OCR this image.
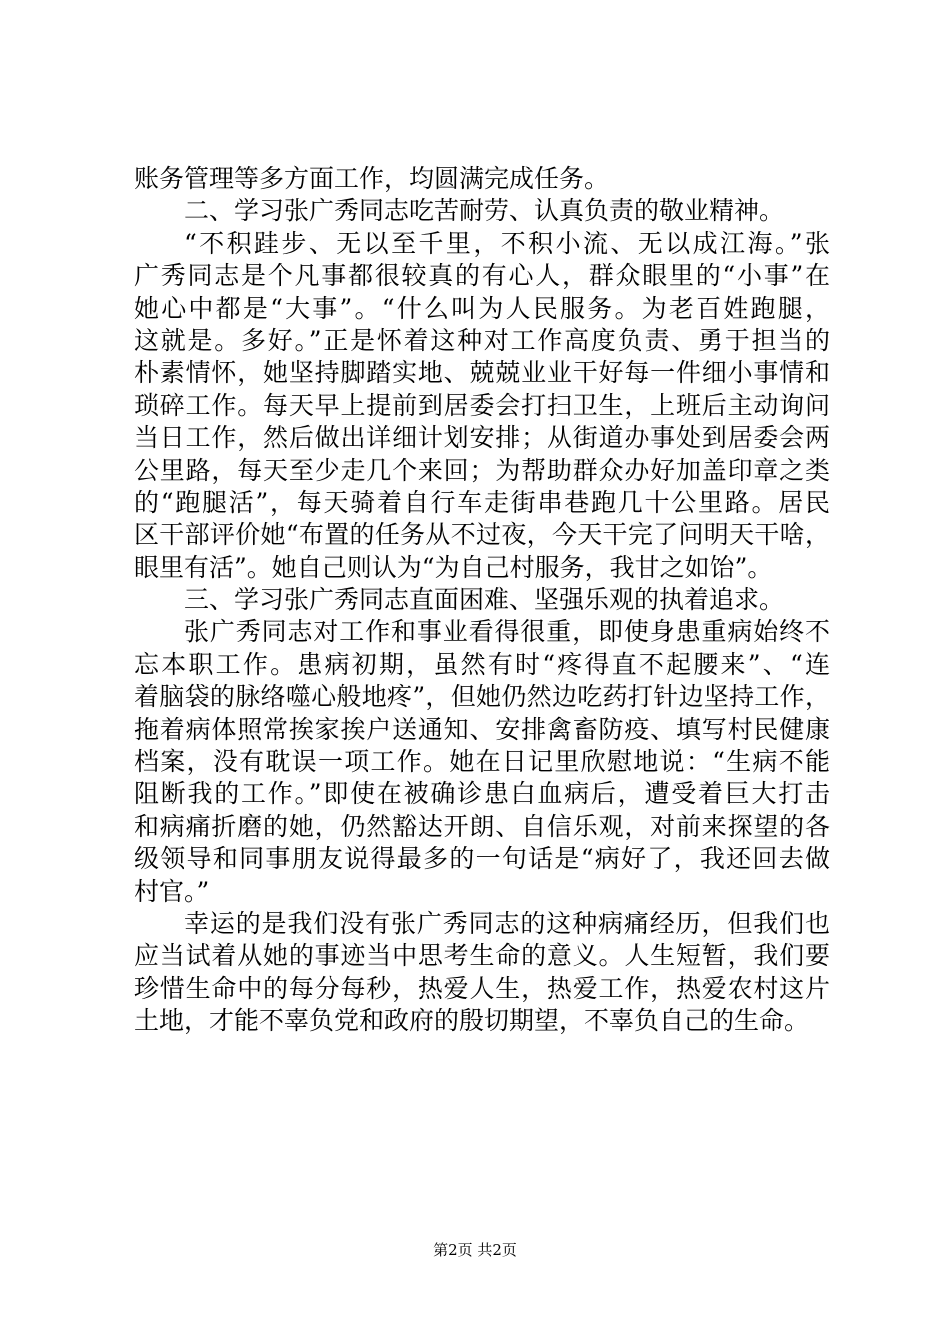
账务管理等多方面工作，均圆满完成任务。
二、学习张广秀同志吃苦耐劳、认真负责的敬业精神。
“不积跬步、无以至千里，不积小流、无以成江海。”张
广秀同志是个凡事都很较真的有心人，群众眼里的“小事”在
她心中都是“大事”。“什么叫为人民服务。为老百姓跑腿，
这就是。多好。”正是怀着这种对工作高度负责、勇于担当的
朴素情怀，她坚持脚踏实地、兢兢业业干好每一件细小事情和
琐碎工作。每天早上提前到居委会打扫卫生，上班后主动询问
当日工作，然后做出详细计划安排；从街道办事处到居委会两
公里路，每天至少走几个来回；为帮助群众办好加盖印章之类
的“跑腿活”，每天骑着自行车走街串巷跑几十公里路。居民
区干部评价她“布置的任务从不过夜，今天干完了问明天干啥，
眼里有活”。她自己则认为“为自己村服务，我甘之如饴”。
三、学习张广秀同志直面困难、坚强乐观的执着追求。
张广秀同志对工作和事业看得很重，即使身患重病始终不
忘本职工作。患病初期，虽然有时“疼得直不起腰来”、“连
着脑袋的脉络噬心般地疼”，但她仍然边吃药打针边坚持工作，
拖着病体照常挨家挨户送通知、安排禽畜防疫、填写村民健康
档案，没有耽误一项工作。她在日记里欣慰地说：“生病不能
阻断我的工作。”即使在被确诊患白血病后，遭受着巨大打击
和病痛折磨的她，仍然豁达开朗、自信乐观，对前来探望的各
级领导和同事朋友说得最多的一句话是“病好了，我还回去做
村官。”
幸运的是我们没有张广秀同志的这种病痛经历，但我们也
应当试着从她的事迹当中思考生命的意义。人生短暂，我们要
珍惜生命中的每分每秒，热爱人生，热爱工作，热爱农村这片
土地，才能不辜负党和政府的殷切期望，不辜负自己的生命。
第2页 共2页
